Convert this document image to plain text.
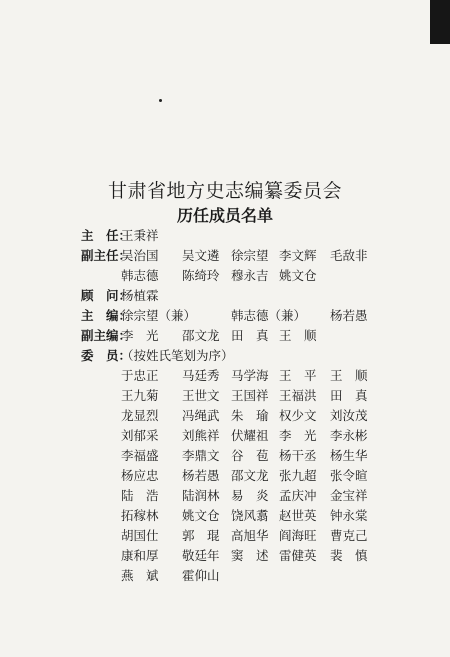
甘肃省地方史志编纂委员会
历任成员名单
主　任：
王秉祥
副主任：
吴治国 吴文遴 徐宗望 李文辉 毛敌非
韩志德 陈绮玲 穆永吉 姚文仓
顾　问：
杨植霖
主　编：
徐宗望（兼）	韩志德（兼） 杨若愚
副主编：
李　光 邵文龙 田　真 王　顺
委　员：
（按姓氏笔划为序）
于忠正 马廷秀 马学海 王　平 王　顺
王九菊 王世文 王国祥 王福洪 田　真
龙显烈 冯绳武 朱　瑜 权少文 刘汝茂
刘郁采 刘熊祥 伏耀祖 李　光 李永彬
李福盛 李鼎文 谷　苞 杨干丞 杨生华
杨应忠 杨若愚 邵文龙 张九超 张令暄
陆　浩 陆润林 易　炎 孟庆冲 金宝祥
拓稼林 姚文仓 饶风翥 赵世英 钟永棠
胡国仕 郭　琨 高旭华 阎海旺 曹克己
康和厚 敬廷年 窦　述 雷健英 裴　慎
燕　斌 霍仰山
